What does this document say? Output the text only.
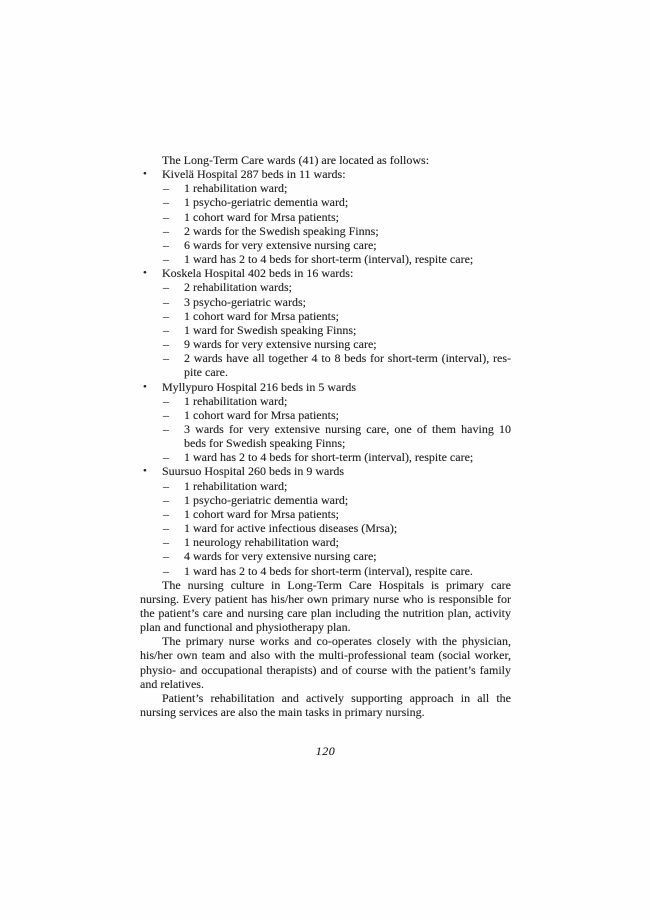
The Long-Term Care wards (41) are located as follows:
• Kivelä Hospital 287 beds in 11 wards:
– 1 rehabilitation ward;
– 1 psycho-geriatric dementia ward;
– 1 cohort ward for Mrsa patients;
– 2 wards for the Swedish speaking Finns;
– 6 wards for very extensive nursing care;
– 1 ward has 2 to 4 beds for short-term (interval), respite care;
• Koskela Hospital 402 beds in 16 wards:
– 2 rehabilitation wards;
– 3 psycho-geriatric wards;
– 1 cohort ward for Mrsa patients;
– 1 ward for Swedish speaking Finns;
– 9 wards for very extensive nursing care;
– 2 wards have all together 4 to 8 beds for short-term (interval), res-
pite care.
• Myllypuro Hospital 216 beds in 5 wards
– 1 rehabilitation ward;
– 1 cohort ward for Mrsa patients;
– 3 wards for very extensive nursing care, one of them having 10
beds for Swedish speaking Finns;
– 1 ward has 2 to 4 beds for short-term (interval), respite care;
• Suursuo Hospital 260 beds in 9 wards
– 1 rehabilitation ward;
– 1 psycho-geriatric dementia ward;
– 1 cohort ward for Mrsa patients;
– 1 ward for active infectious diseases (Mrsa);
– 1 neurology rehabilitation ward;
– 4 wards for very extensive nursing care;
– 1 ward has 2 to 4 beds for short-term (interval), respite care.
The nursing culture in Long-Term Care Hospitals is primary care
nursing. Every patient has his/her own primary nurse who is responsible for
the patient’s care and nursing care plan including the nutrition plan, activity
plan and functional and physiotherapy plan.
The primary nurse works and co-operates closely with the physician,
his/her own team and also with the multi-professional team (social worker,
physio- and occupational therapists) and of course with the patient’s family
and relatives.
Patient’s rehabilitation and actively supporting approach in all the
nursing services are also the main tasks in primary nursing.
120
